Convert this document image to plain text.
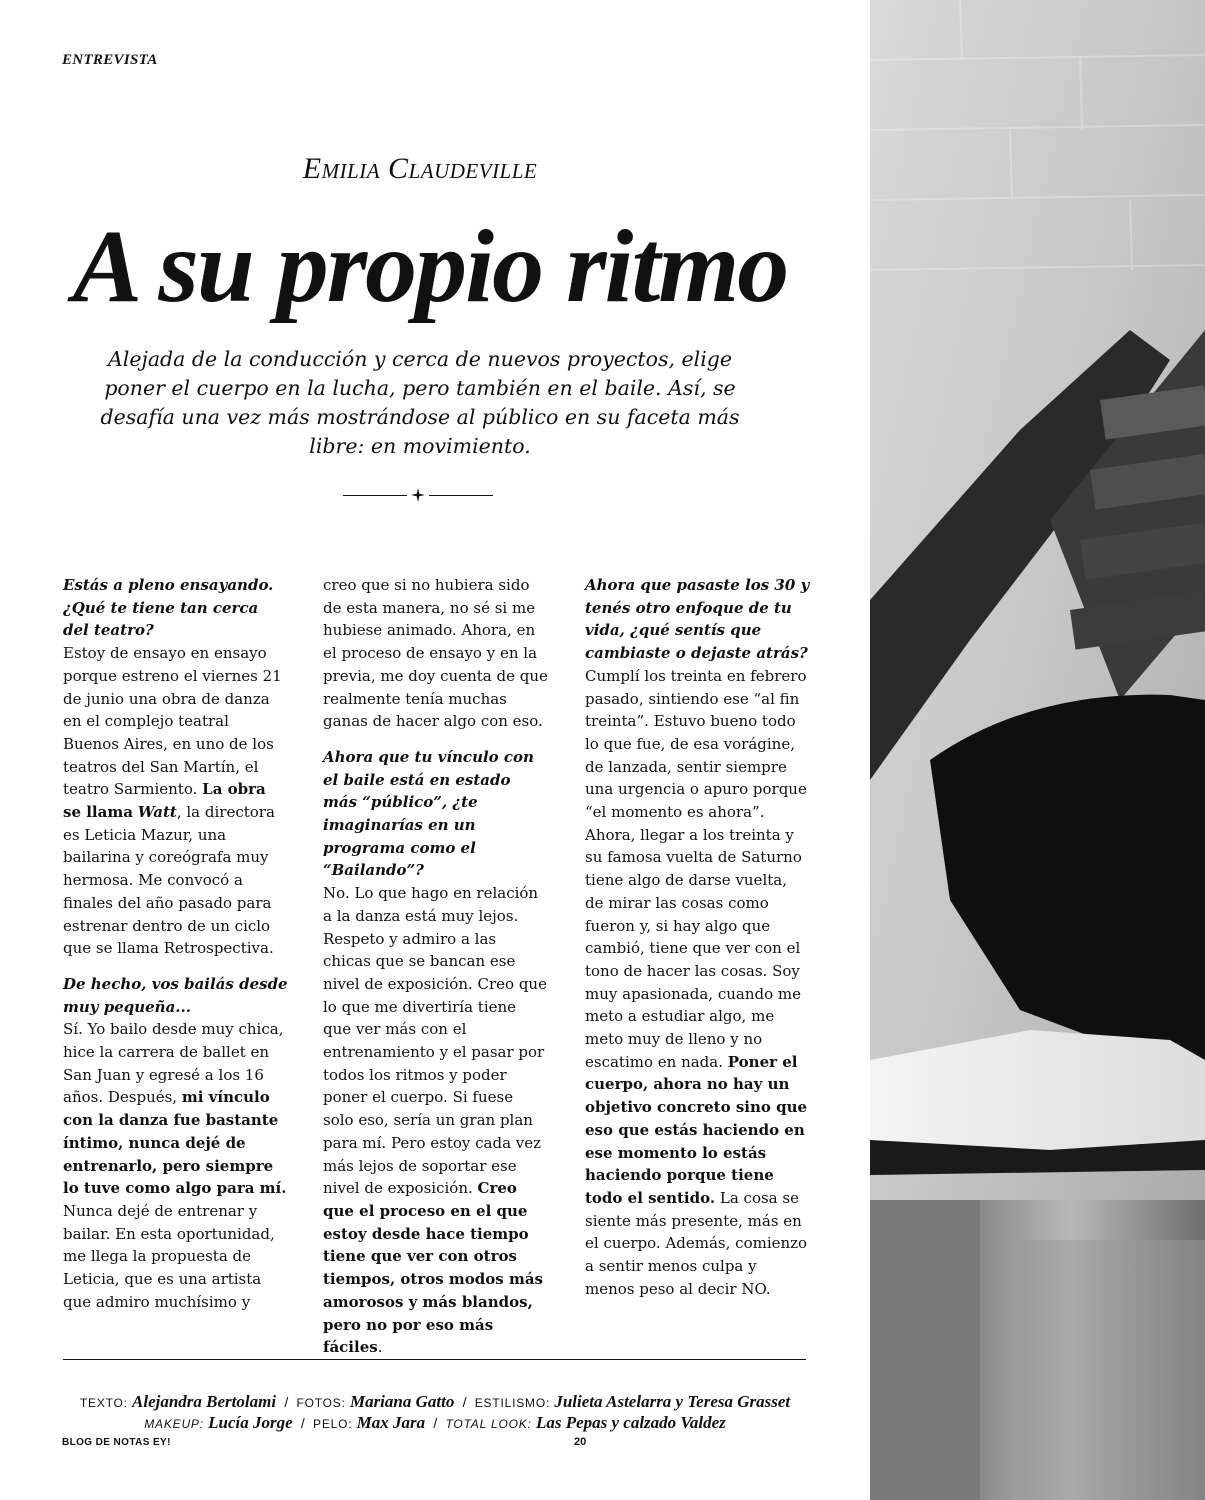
ENTREVISTA
Emilia Claudeville
A su propio ritmo
Alejada de la conducción y cerca de nuevos proyectos, elige poner el cuerpo en la lucha, pero también en el baile. Así, se desafía una vez más mostrándose al público en su faceta más libre: en movimiento.

Estás a pleno ensayando. ¿Qué te tiene tan cerca del teatro?
Estoy de ensayo en ensayo porque estreno el viernes 21 de junio una obra de danza en el complejo teatral Buenos Aires, en uno de los teatros del San Martín, el teatro Sarmiento. La obra se llama Watt, la directora es Leticia Mazur, una bailarina y coreógrafa muy hermosa. Me convocó a finales del año pasado para estrenar dentro de un ciclo que se llama Retrospectiva.

De hecho, vos bailás desde muy pequeña...
Sí. Yo bailo desde muy chica, hice la carrera de ballet en San Juan y egresé a los 16 años. Después, mi vínculo con la danza fue bastante íntimo, nunca dejé de entrenarlo, pero siempre lo tuve como algo para mí. Nunca dejé de entrenar y bailar. En esta oportunidad, me llega la propuesta de Leticia, que es una artista que admiro muchísimo y

creo que si no hubiera sido de esta manera, no sé si me hubiese animado. Ahora, en el proceso de ensayo y en la previa, me doy cuenta de que realmente tenía muchas ganas de hacer algo con eso.

Ahora que tu vínculo con el baile está en estado más “público”, ¿te imaginarías en un programa como el “Bailando”?
No. Lo que hago en relación a la danza está muy lejos. Respeto y admiro a las chicas que se bancan ese nivel de exposición. Creo que lo que me divertiría tiene que ver más con el entrenamiento y el pasar por todos los ritmos y poder poner el cuerpo. Si fuese solo eso, sería un gran plan para mí. Pero estoy cada vez más lejos de soportar ese nivel de exposición. Creo que el proceso en el que estoy desde hace tiempo tiene que ver con otros tiempos, otros modos más amorosos y más blandos, pero no por eso más fáciles.

Ahora que pasaste los 30 y tenés otro enfoque de tu vida, ¿qué sentís que cambiaste o dejaste atrás?
Cumplí los treinta en febrero pasado, sintiendo ese “al fin treinta”. Estuvo bueno todo lo que fue, de esa vorágine, de lanzada, sentir siempre una urgencia o apuro porque “el momento es ahora”. Ahora, llegar a los treinta y su famosa vuelta de Saturno tiene algo de darse vuelta, de mirar las cosas como fueron y, si hay algo que cambió, tiene que ver con el tono de hacer las cosas. Soy muy apasionada, cuando me meto a estudiar algo, me meto muy de lleno y no escatimo en nada. Poner el cuerpo, ahora no hay un objetivo concreto sino que eso que estás haciendo en ese momento lo estás haciendo porque tiene todo el sentido. La cosa se siente más presente, más en el cuerpo. Además, comienzo a sentir menos culpa y menos peso al decir NO.

TEXTO: Alejandra Bertolami / FOTOS: Mariana Gatto / ESTILISMO: Julieta Astelarra y Teresa Grasset
MAKEUP: Lucía Jorge / PELO: Max Jara / TOTAL LOOK: Las Pepas y calzado Valdez
BLOG DE NOTAS EY!	20
